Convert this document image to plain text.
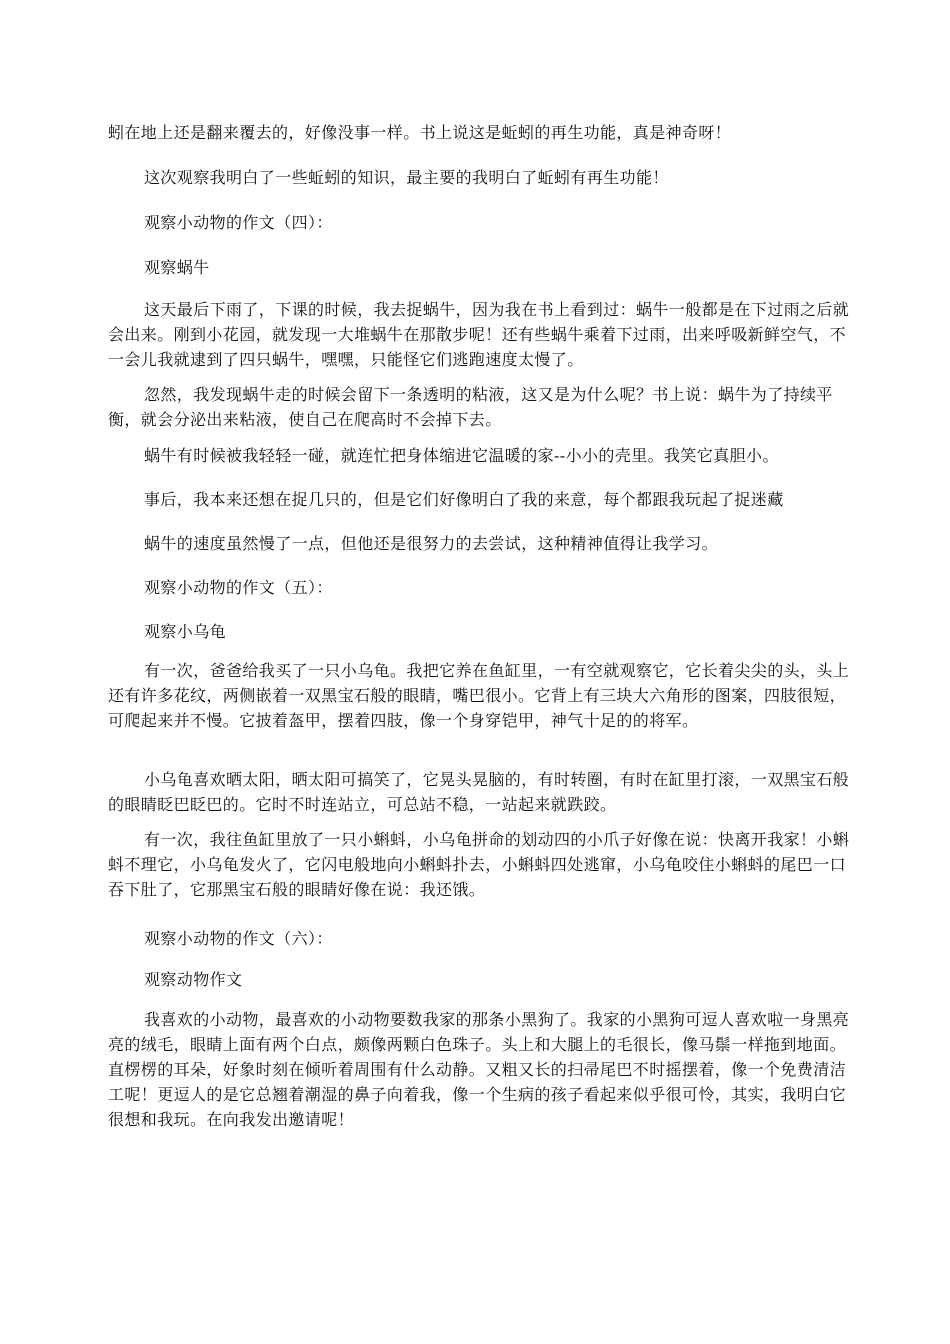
蚓在地上还是翻来覆去的，好像没事一样。书上说这是蚯蚓的再生功能，真是神奇呀！

这次观察我明白了一些蚯蚓的知识，最主要的我明白了蚯蚓有再生功能！

观察小动物的作文（四）：

观察蜗牛

这天最后下雨了，下课的时候，我去捉蜗牛，因为我在书上看到过：蜗牛一般都是在下过雨之后就会出来。刚到小花园，就发现一大堆蜗牛在那散步呢！还有些蜗牛乘着下过雨，出来呼吸新鲜空气，不一会儿我就逮到了四只蜗牛，嘿嘿，只能怪它们逃跑速度太慢了。

忽然，我发现蜗牛走的时候会留下一条透明的粘液，这又是为什么呢？书上说：蜗牛为了持续平衡，就会分泌出来粘液，使自己在爬高时不会掉下去。

蜗牛有时候被我轻轻一碰，就连忙把身体缩进它温暖的家--小小的壳里。我笑它真胆小。

事后，我本来还想在捉几只的，但是它们好像明白了我的来意，每个都跟我玩起了捉迷藏

蜗牛的速度虽然慢了一点，但他还是很努力的去尝试，这种精神值得让我学习。

观察小动物的作文（五）：

观察小乌龟

有一次，爸爸给我买了一只小乌龟。我把它养在鱼缸里，一有空就观察它，它长着尖尖的头，头上还有许多花纹，两侧嵌着一双黑宝石般的眼睛，嘴巴很小。它背上有三块大六角形的图案，四肢很短，可爬起来并不慢。它披着盔甲，摆着四肢，像一个身穿铠甲，神气十足的的将军。

小乌龟喜欢晒太阳，晒太阳可搞笑了，它晃头晃脑的，有时转圈，有时在缸里打滚，一双黑宝石般的眼睛眨巴眨巴的。它时不时连站立，可总站不稳，一站起来就跌跤。

有一次，我往鱼缸里放了一只小蝌蚪，小乌龟拼命的划动四的小爪子好像在说：快离开我家！小蝌蚪不理它，小乌龟发火了，它闪电般地向小蝌蚪扑去，小蝌蚪四处逃窜，小乌龟咬住小蝌蚪的尾巴一口吞下肚了，它那黑宝石般的眼睛好像在说：我还饿。

观察小动物的作文（六）：

观察动物作文

我喜欢的小动物，最喜欢的小动物要数我家的那条小黑狗了。我家的小黑狗可逗人喜欢啦一身黑亮亮的绒毛，眼睛上面有两个白点，颇像两颗白色珠子。头上和大腿上的毛很长，像马鬃一样拖到地面。直楞楞的耳朵，好象时刻在倾听着周围有什么动静。又粗又长的扫帚尾巴不时摇摆着，像一个免费清洁工呢！更逗人的是它总翘着潮湿的鼻子向着我，像一个生病的孩子看起来似乎很可怜，其实，我明白它很想和我玩。在向我发出邀请呢！
